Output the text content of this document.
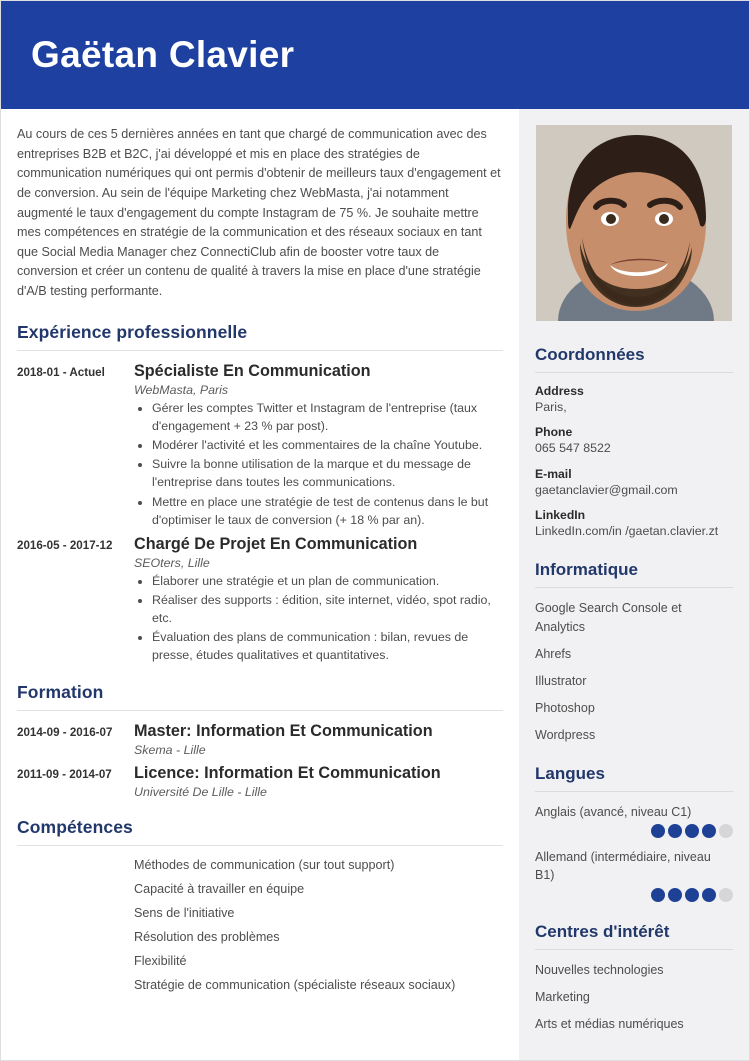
Gaëtan Clavier
Au cours de ces 5 dernières années en tant que chargé de communication avec des entreprises B2B et B2C, j'ai développé et mis en place des stratégies de communication numériques qui ont permis d'obtenir de meilleurs taux d'engagement et de conversion. Au sein de l'équipe Marketing chez WebMasta, j'ai notamment augmenté le taux d'engagement du compte Instagram de 75 %. Je souhaite mettre mes compétences en stratégie de la communication et des réseaux sociaux en tant que Social Media Manager chez ConnectiClub afin de booster votre taux de conversion et créer un contenu de qualité à travers la mise en place d'une stratégie d'A/B testing performante.
Expérience professionnelle
2018-01 - Actuel	Spécialiste En Communication
WebMasta, Paris
• Gérer les comptes Twitter et Instagram de l'entreprise (taux d'engagement + 23 % par post).
• Modérer l'activité et les commentaires de la chaîne Youtube.
• Suivre la bonne utilisation de la marque et du message de l'entreprise dans toutes les communications.
• Mettre en place une stratégie de test de contenus dans le but d'optimiser le taux de conversion (+ 18 % par an).
2016-05 - 2017-12	Chargé De Projet En Communication
SEOters, Lille
• Élaborer une stratégie et un plan de communication.
• Réaliser des supports : édition, site internet, vidéo, spot radio, etc.
• Évaluation des plans de communication : bilan, revues de presse, études qualitatives et quantitatives.
Formation
2014-09 - 2016-07	Master: Information Et Communication
Skema - Lille
2011-09 - 2014-07	Licence: Information Et Communication
Université De Lille - Lille
Compétences
Méthodes de communication (sur tout support)
Capacité à travailler en équipe
Sens de l'initiative
Résolution des problèmes
Flexibilité
Stratégie de communication (spécialiste réseaux sociaux)
Coordonnées
Address
Paris,
Phone
065 547 8522
E-mail
gaetanclavier@gmail.com
LinkedIn
LinkedIn.com/in /gaetan.clavier.zt
Informatique
Google Search Console et Analytics
Ahrefs
Illustrator
Photoshop
Wordpress
Langues
Anglais (avancé, niveau C1)
Allemand (intermédiaire, niveau B1)
Centres d'intérêt
Nouvelles technologies
Marketing
Arts et médias numériques
